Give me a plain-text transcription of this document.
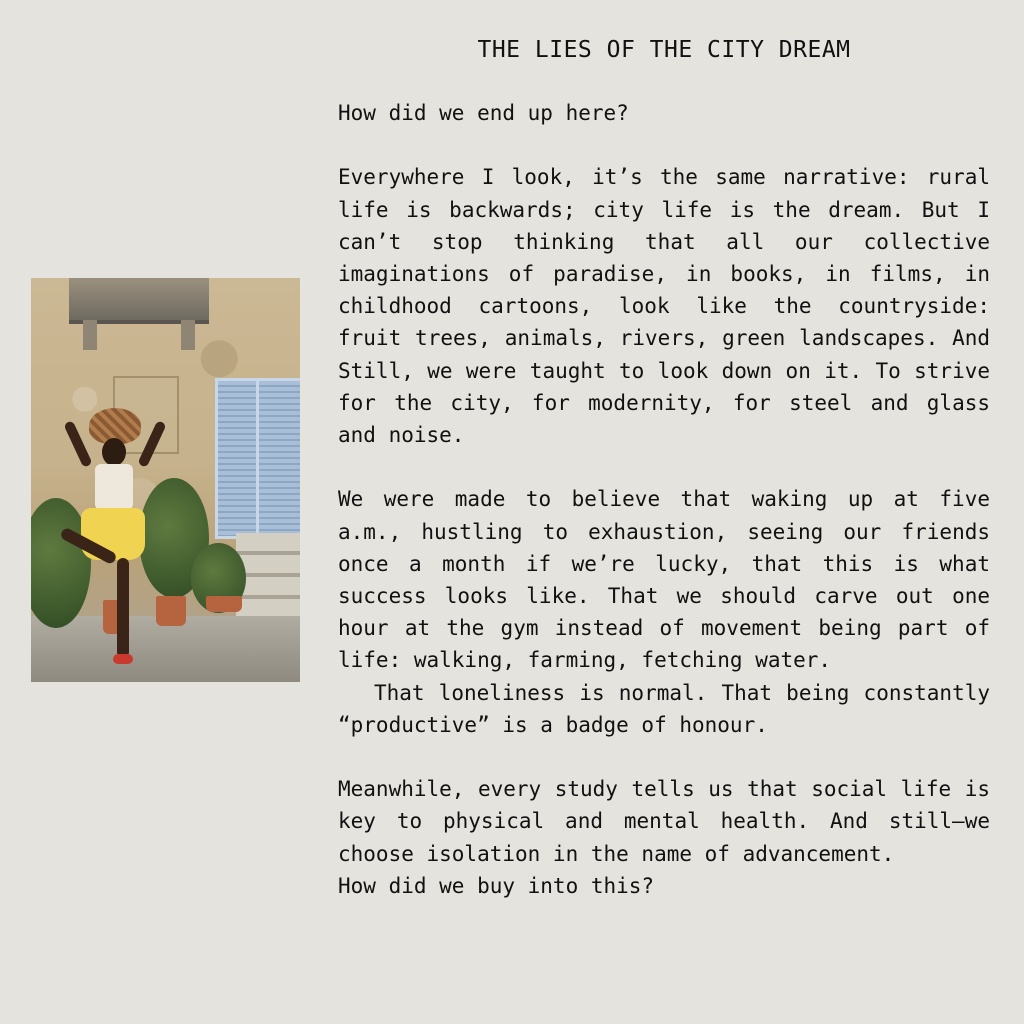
THE LIES OF THE CITY DREAM

How did we end up here?

Everywhere I look, it’s the same narrative: rural life is backwards; city life is the dream. But I can’t stop thinking that all our collective imaginations of paradise, in books, in films, in childhood cartoons, look like the countryside: fruit trees, animals, rivers, green landscapes. And Still, we were taught to look down on it. To strive for the city, for modernity, for steel and glass and noise.

We were made to believe that waking up at five a.m., hustling to exhaustion, seeing our friends once a month if we’re lucky, that this is what success looks like. That we should carve out one hour at the gym instead of movement being part of life: walking, farming, fetching water.

That loneliness is normal. That being constantly “productive” is a badge of honour.

Meanwhile, every study tells us that social life is key to physical and mental health. And still—we choose isolation in the name of advancement.

How did we buy into this?
